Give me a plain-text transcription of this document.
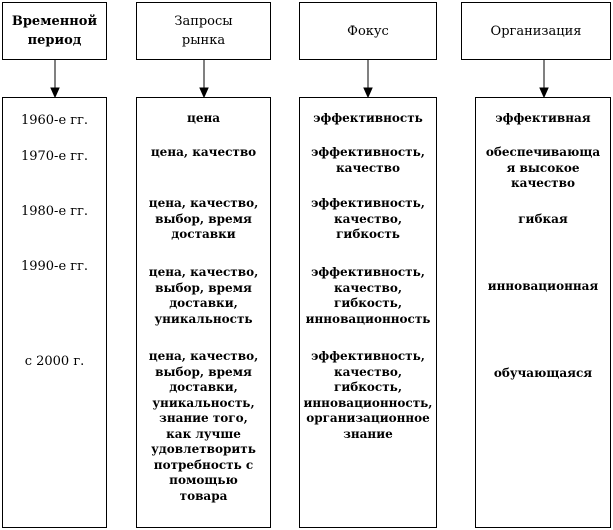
Временной
период
Запросы
рынка
Фокус	Организация
1960-е гг.
1970-е гг.
1980-е гг.
1990-е гг.
с 2000 г.
цена
цена, качество
цена, качество,
выбор, время
доставки
цена, качество,
выбор, время
доставки,
уникальность
цена, качество,
выбор, время
доставки,
уникальность,
знание того,
как лучше
удовлетворить
потребность с
помощью
товара
эффективность
эффективность,
качество
эффективность,
качество,
гибкость
эффективность,
качество,
гибкость,
инновационность
эффективность,
качество,
гибкость,
инновационность,
организационное
знание
эффективная
обеспечивающа
я высокое
качество
гибкая
инновационная
обучающаяся
